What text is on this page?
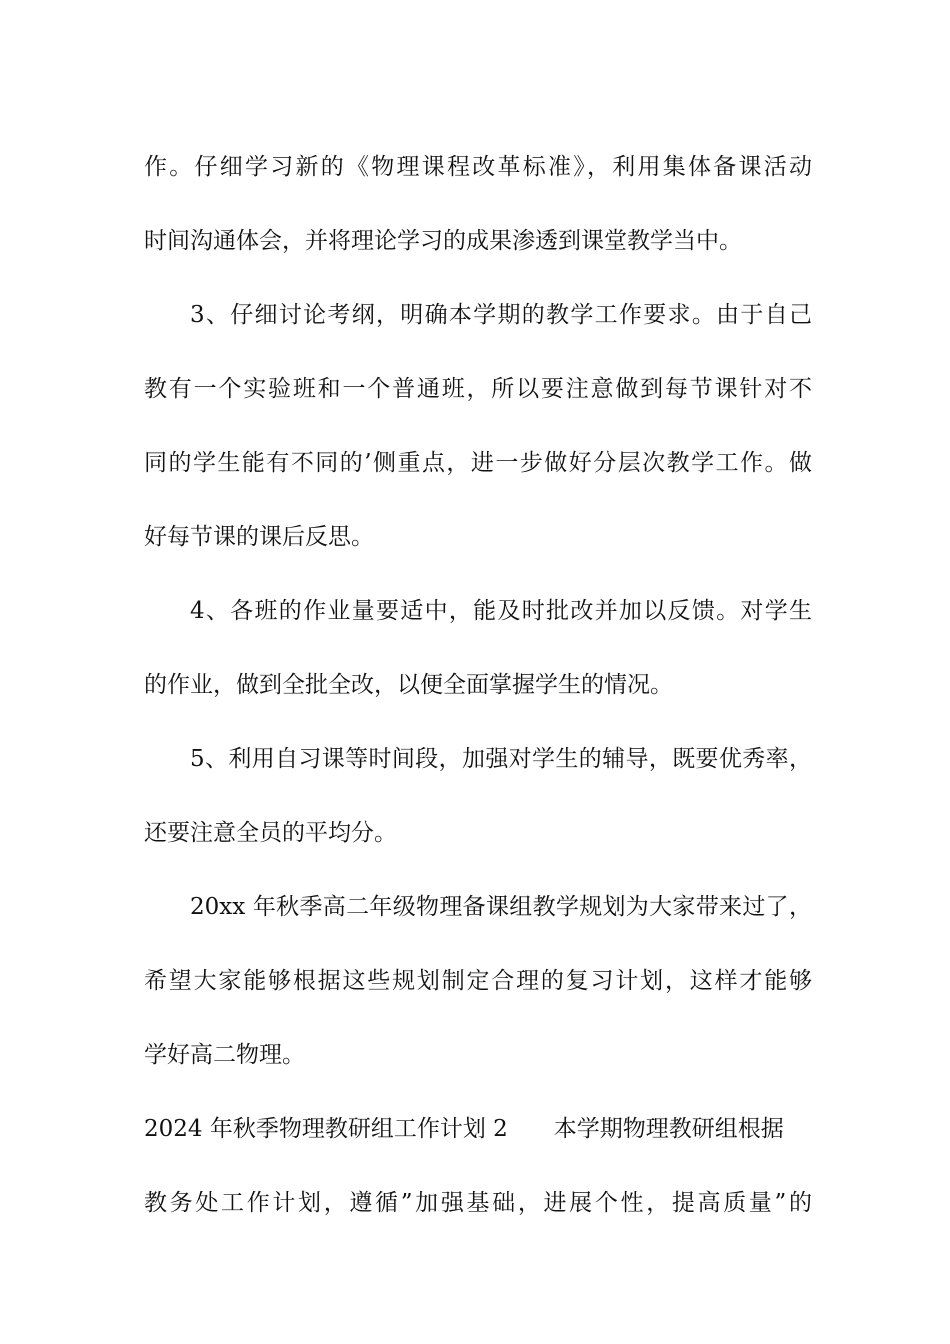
作。仔细学习新的《物理课程改革标准》，利用集体备课活动
时间沟通体会，并将理论学习的成果渗透到课堂教学当中。
3、仔细讨论考纲，明确本学期的教学工作要求。由于自己
教有一个实验班和一个普通班，所以要注意做到每节课针对不
同的学生能有不同的’侧重点，进一步做好分层次教学工作。做
好每节课的课后反思。
4、各班的作业量要适中，能及时批改并加以反馈。对学生
的作业，做到全批全改，以便全面掌握学生的情况。
5、利用自习课等时间段，加强对学生的辅导，既要优秀率，
还要注意全员的平均分。
20xx 年秋季高二年级物理备课组教学规划为大家带来过了，
希望大家能够根据这些规划制定合理的复习计划，这样才能够
学好高二物理。
2024 年秋季物理教研组工作计划 2 本学期物理教研组根据
教务处工作计划，遵循”加强基础，进展个性，提高质量”的
